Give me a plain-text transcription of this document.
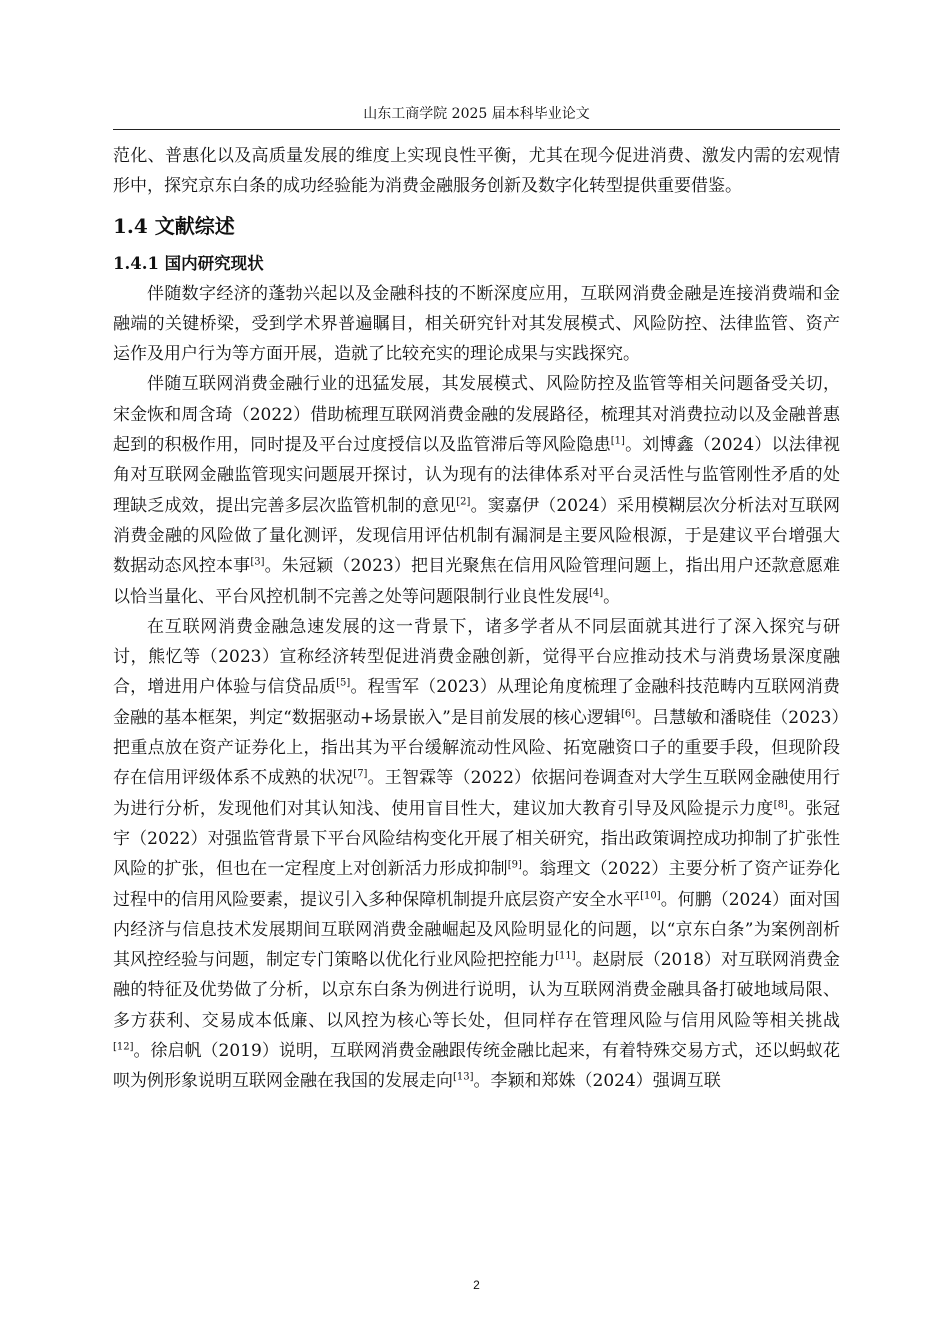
山东工商学院 2025 届本科毕业论文

范化、普惠化以及高质量发展的维度上实现良性平衡，尤其在现今促进消费、激发内需的宏观情形中，探究京东白条的成功经验能为消费金融服务创新及数字化转型提供重要借鉴。

1.4 文献综述
1.4.1 国内研究现状

伴随数字经济的蓬勃兴起以及金融科技的不断深度应用，互联网消费金融是连接消费端和金融端的关键桥梁，受到学术界普遍瞩目，相关研究针对其发展模式、风险防控、法律监管、资产运作及用户行为等方面开展，造就了比较充实的理论成果与实践探究。

伴随互联网消费金融行业的迅猛发展，其发展模式、风险防控及监管等相关问题备受关切，宋金恢和周含琦（2022）借助梳理互联网消费金融的发展路径，梳理其对消费拉动以及金融普惠起到的积极作用，同时提及平台过度授信以及监管滞后等风险隐患[1]。刘博鑫（2024）以法律视角对互联网金融监管现实问题展开探讨，认为现有的法律体系对平台灵活性与监管刚性矛盾的处理缺乏成效，提出完善多层次监管机制的意见[2]。窦嘉伊（2024）采用模糊层次分析法对互联网消费金融的风险做了量化测评，发现信用评估机制有漏洞是主要风险根源，于是建议平台增强大数据动态风控本事[3]。朱冠颖（2023）把目光聚焦在信用风险管理问题上，指出用户还款意愿难以恰当量化、平台风控机制不完善之处等问题限制行业良性发展[4]。

在互联网消费金融急速发展的这一背景下，诸多学者从不同层面就其进行了深入探究与研讨，熊忆等（2023）宣称经济转型促进消费金融创新，觉得平台应推动技术与消费场景深度融合，增进用户体验与信贷品质[5]。程雪军（2023）从理论角度梳理了金融科技范畴内互联网消费金融的基本框架，判定“数据驱动+场景嵌入”是目前发展的核心逻辑[6]。吕慧敏和潘晓佳（2023）把重点放在资产证券化上，指出其为平台缓解流动性风险、拓宽融资口子的重要手段，但现阶段存在信用评级体系不成熟的状况[7]。王智霖等（2022）依据问卷调查对大学生互联网金融使用行为进行分析，发现他们对其认知浅、使用盲目性大，建议加大教育引导及风险提示力度[8]。张冠宇（2022）对强监管背景下平台风险结构变化开展了相关研究，指出政策调控成功抑制了扩张性风险的扩张，但也在一定程度上对创新活力形成抑制[9]。翁理文（2022）主要分析了资产证券化过程中的信用风险要素，提议引入多种保障机制提升底层资产安全水平[10]。何鹏（2024）面对国内经济与信息技术发展期间互联网消费金融崛起及风险明显化的问题，以“京东白条”为案例剖析其风控经验与问题，制定专门策略以优化行业风险把控能力[11]。赵尉辰（2018）对互联网消费金融的特征及优势做了分析，以京东白条为例进行说明，认为互联网消费金融具备打破地域局限、多方获利、交易成本低廉、以风控为核心等长处，但同样存在管理风险与信用风险等相关挑战[12]。徐启帆（2019）说明，互联网消费金融跟传统金融比起来，有着特殊交易方式，还以蚂蚁花呗为例形象说明互联网金融在我国的发展走向[13]。李颖和郑姝（2024）强调互联

2
